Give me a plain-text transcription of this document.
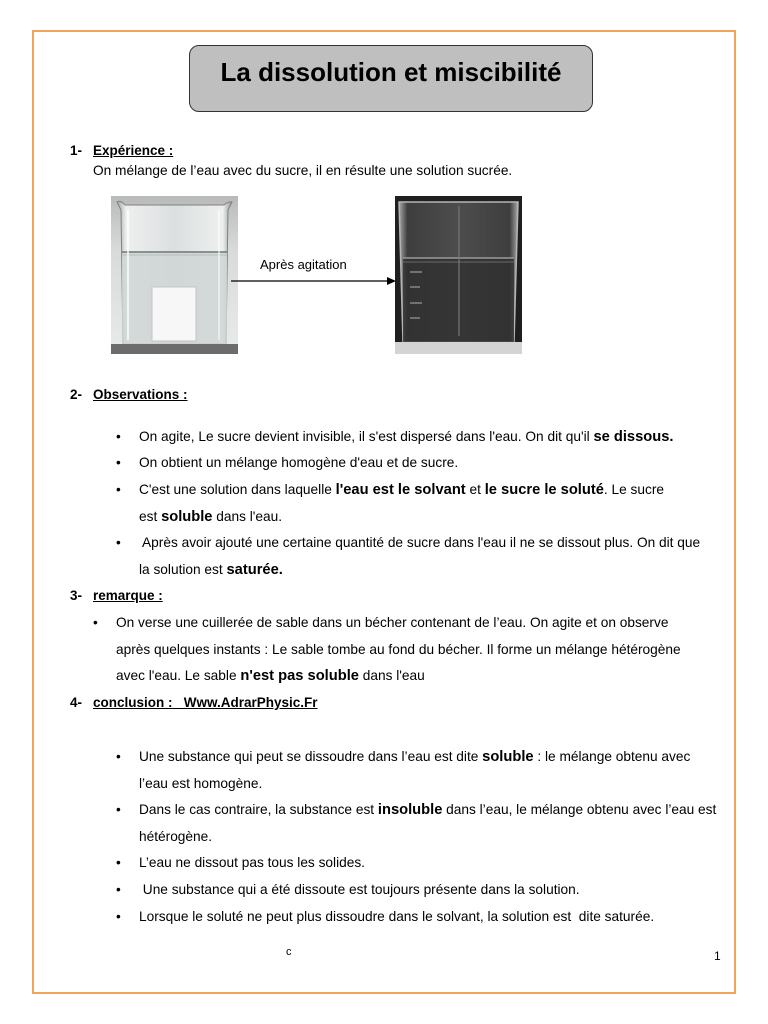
La dissolution et miscibilité
1- Expérience :
On mélange de l’eau avec du sucre, il en résulte une solution sucrée.
Après agitation
2- Observations :
• On agite, Le sucre devient invisible, il s'est dispersé dans l'eau. On dit qu'il se dissous.
• On obtient un mélange homogène d'eau et de sucre.
• C'est une solution dans laquelle l'eau est le solvant et le sucre le soluté. Le sucre
est soluble dans l'eau.
•  Après avoir ajouté une certaine quantité de sucre dans l'eau il ne se dissout plus. On dit que
la solution est saturée.
3- remarque :
• On verse une cuillerée de sable dans un bécher contenant de l’eau. On agite et on observe
après quelques instants : Le sable tombe au fond du bécher. Il forme un mélange hétérogène
avec l'eau. Le sable n'est pas soluble dans l'eau
4- conclusion :   Www.AdrarPhysic.Fr
• Une substance qui peut se dissoudre dans l’eau est dite soluble : le mélange obtenu avec
l’eau est homogène.
• Dans le cas contraire, la substance est insoluble dans l’eau, le mélange obtenu avec l’eau est
hétérogène.
• L’eau ne dissout pas tous les solides.
•  Une substance qui a été dissoute est toujours présente dans la solution.
• Lorsque le soluté ne peut plus dissoudre dans le solvant, la solution est  dite saturée.
c	1
